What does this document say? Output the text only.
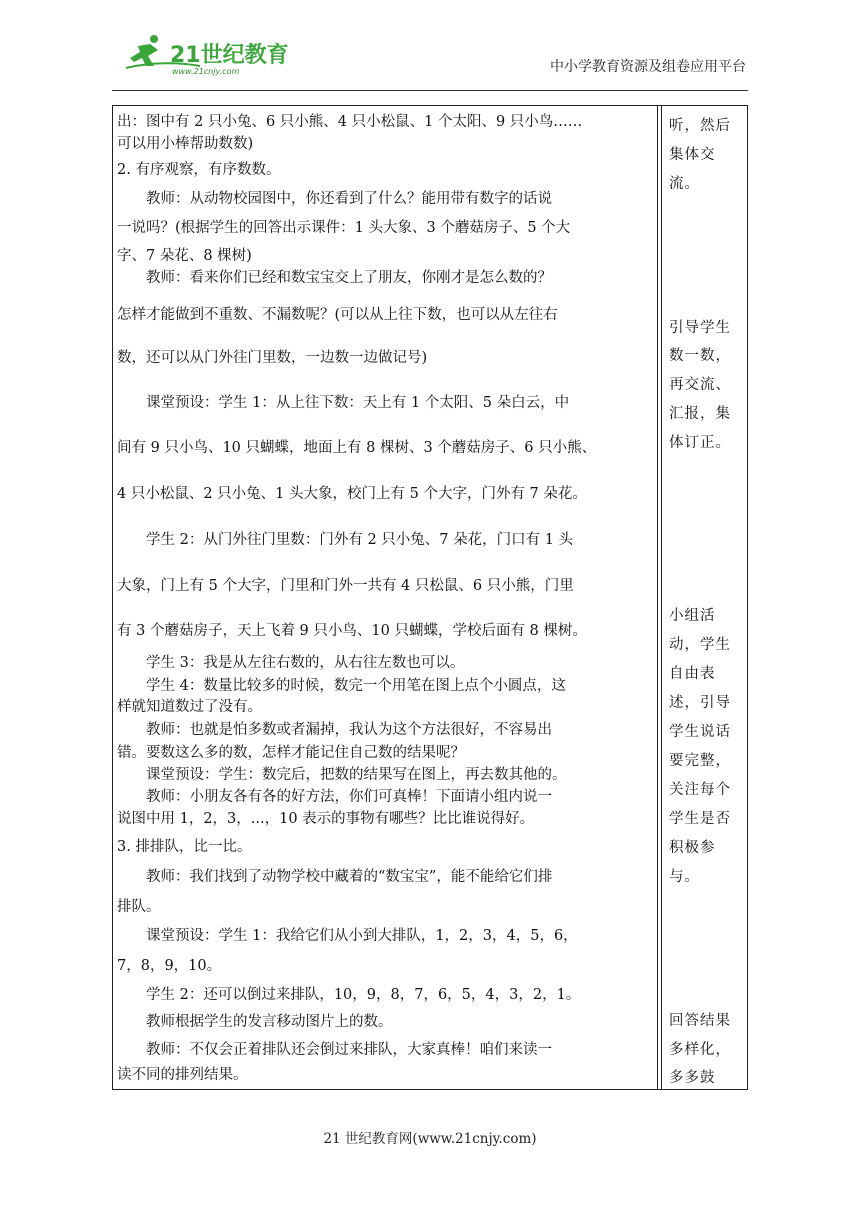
21世纪教育
www.21cnjy.com	中小学教育资源及组卷应用平台
出：图中有 2 只小兔、6 只小熊、4 只小松鼠、1 个太阳、9 只小鸟……
可以用小棒帮助数数)
2. 有序观察，有序数数。
　　教师：从动物校园图中，你还看到了什么？能用带有数字的话说
一说吗？(根据学生的回答出示课件：1 头大象、3 个蘑菇房子、5 个大
字、7 朵花、8 棵树)
　　教师：看来你们已经和数宝宝交上了朋友，你刚才是怎么数的？
怎样才能做到不重数、不漏数呢？(可以从上往下数，也可以从左往右
数，还可以从门外往门里数，一边数一边做记号)
　　课堂预设：学生 1：从上往下数：天上有 1 个太阳、5 朵白云，中
间有 9 只小鸟、10 只蝴蝶，地面上有 8 棵树、3 个蘑菇房子、6 只小熊、
4 只小松鼠、2 只小兔、1 头大象，校门上有 5 个大字，门外有 7 朵花。
　　学生 2：从门外往门里数：门外有 2 只小兔、7 朵花，门口有 1 头
大象，门上有 5 个大字，门里和门外一共有 4 只松鼠、6 只小熊，门里
有 3 个蘑菇房子，天上飞着 9 只小鸟、10 只蝴蝶，学校后面有 8 棵树。
　　学生 3：我是从左往右数的，从右往左数也可以。
　　学生 4：数量比较多的时候，数完一个用笔在图上点个小圆点，这
样就知道数过了没有。
　　教师：也就是怕多数或者漏掉，我认为这个方法很好，不容易出
错。要数这么多的数，怎样才能记住自己数的结果呢？
　　课堂预设：学生：数完后，把数的结果写在图上，再去数其他的。
　　教师：小朋友各有各的好方法，你们可真棒！下面请小组内说一
说图中用 1，2，3，...，10 表示的事物有哪些？比比谁说得好。
3. 排排队，比一比。
　　教师：我们找到了动物学校中藏着的“数宝宝”，能不能给它们排
排队。
　　课堂预设：学生 1：我给它们从小到大排队，1，2，3，4，5，6，
7，8，9，10。
　　学生 2：还可以倒过来排队，10，9，8，7，6，5，4，3，2，1。
　　教师根据学生的发言移动图片上的数。
　　教师：不仅会正着排队还会倒过来排队，大家真棒！咱们来读一
读不同的排列结果。
听，然后
集体交
流。
引导学生
数一数，
再交流、
汇报，集
体订正。
小组活
动，学生
自由表
述，引导
学生说话
要完整，
关注每个
学生是否
积极参
与。
回答结果
多样化，
多多鼓
21 世纪教育网(www.21cnjy.com)
